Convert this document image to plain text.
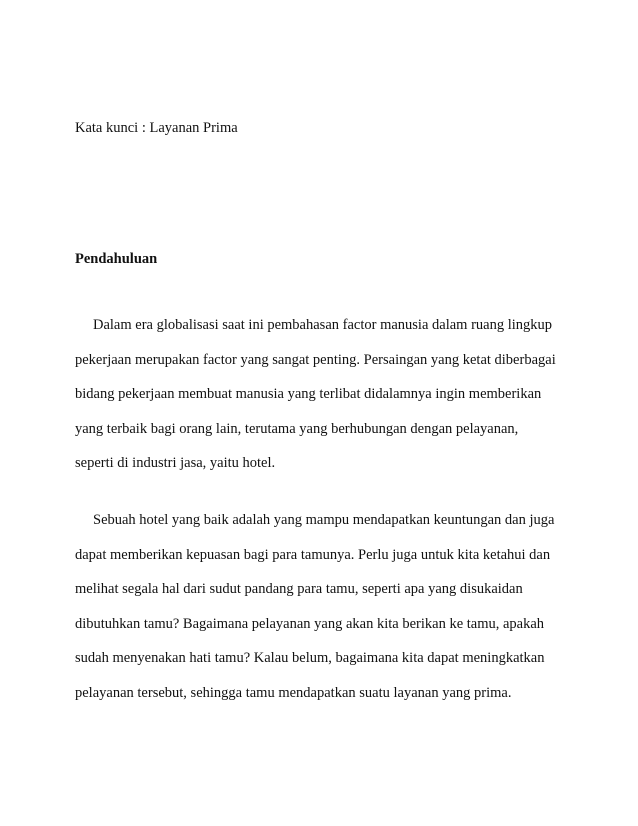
Kata kunci : Layanan Prima
Pendahuluan
Dalam era globalisasi saat ini pembahasan factor manusia dalam ruang lingkup
pekerjaan merupakan factor yang sangat penting. Persaingan yang ketat diberbagai
bidang pekerjaan membuat manusia yang terlibat didalamnya ingin memberikan
yang terbaik bagi orang lain, terutama yang berhubungan dengan pelayanan,
seperti di industri jasa, yaitu hotel.
Sebuah hotel yang baik adalah yang mampu mendapatkan keuntungan dan juga
dapat memberikan kepuasan bagi para tamunya. Perlu juga untuk kita ketahui dan
melihat segala hal dari sudut pandang para tamu, seperti apa yang disukaidan
dibutuhkan tamu? Bagaimana pelayanan yang akan kita berikan ke tamu, apakah
sudah menyenakan hati tamu? Kalau belum, bagaimana kita dapat meningkatkan
pelayanan tersebut, sehingga tamu mendapatkan suatu layanan yang prima.
